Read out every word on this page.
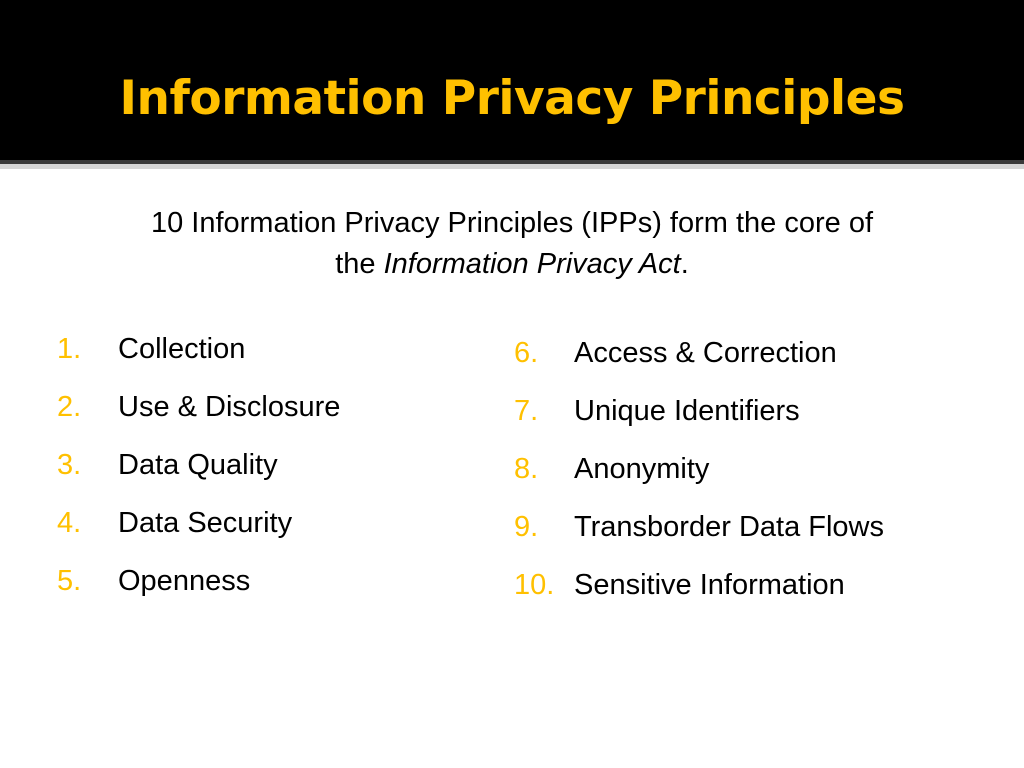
Information Privacy Principles
10 Information Privacy Principles (IPPs) form the core of
the Information Privacy Act.
1. Collection
2. Use & Disclosure
3. Data Quality
4. Data Security
5. Openness
6. Access & Correction
7. Unique Identifiers
8. Anonymity
9. Transborder Data Flows
10. Sensitive Information
